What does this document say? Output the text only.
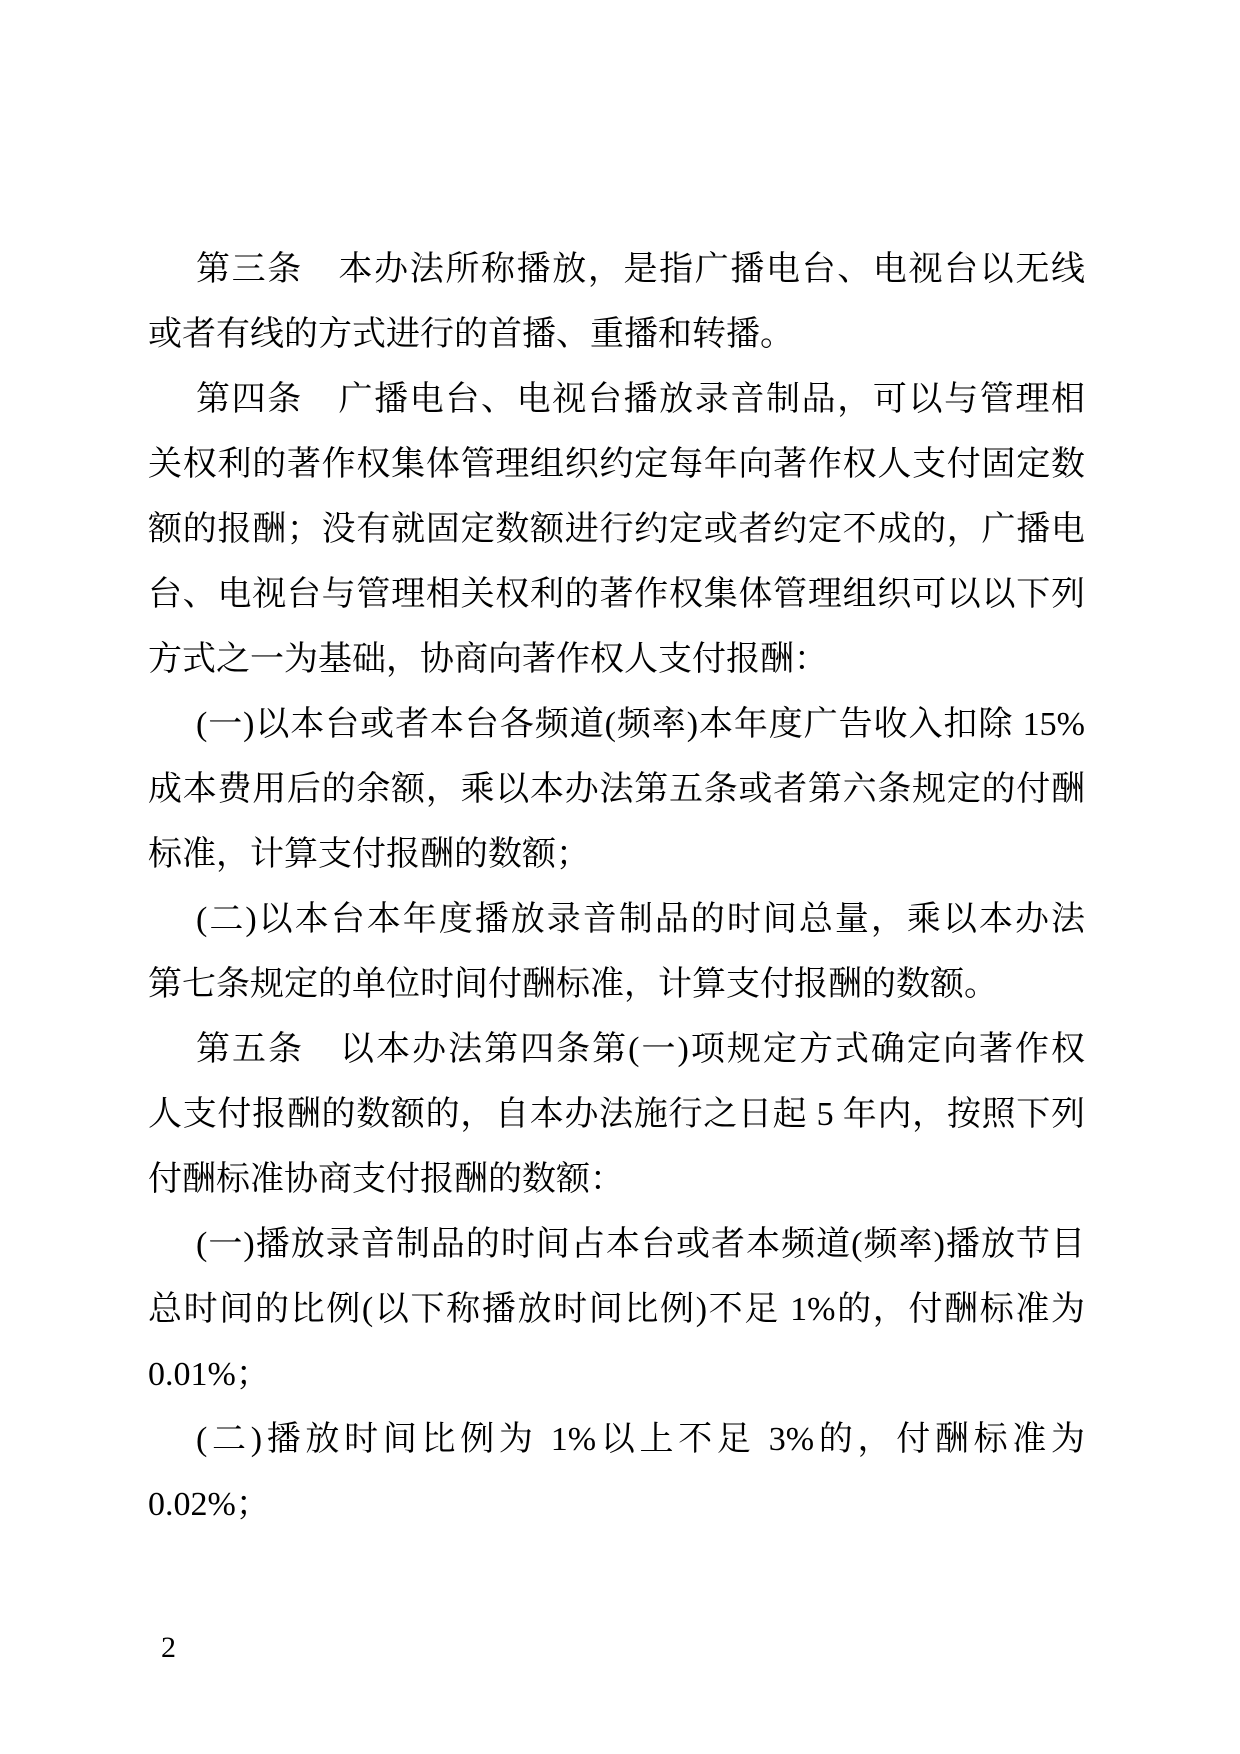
第三条　本办法所称播放，是指广播电台、电视台以无线
或者有线的方式进行的首播、重播和转播。
第四条　广播电台、电视台播放录音制品，可以与管理相
关权利的著作权集体管理组织约定每年向著作权人支付固定数
额的报酬；没有就固定数额进行约定或者约定不成的，广播电
台、电视台与管理相关权利的著作权集体管理组织可以以下列
方式之一为基础，协商向著作权人支付报酬：
(一)以本台或者本台各频道(频率)本年度广告收入扣除 15%
成本费用后的余额，乘以本办法第五条或者第六条规定的付酬
标准，计算支付报酬的数额；
(二)以本台本年度播放录音制品的时间总量，乘以本办法
第七条规定的单位时间付酬标准，计算支付报酬的数额。
第五条　以本办法第四条第(一)项规定方式确定向著作权
人支付报酬的数额的，自本办法施行之日起 5 年内，按照下列
付酬标准协商支付报酬的数额：
(一)播放录音制品的时间占本台或者本频道(频率)播放节目
总时间的比例(以下称播放时间比例)不足 1%的，付酬标准为
0.01%；
(二)播放时间比例为 1%以上不足 3%的，付酬标准为
0.02%；
2
